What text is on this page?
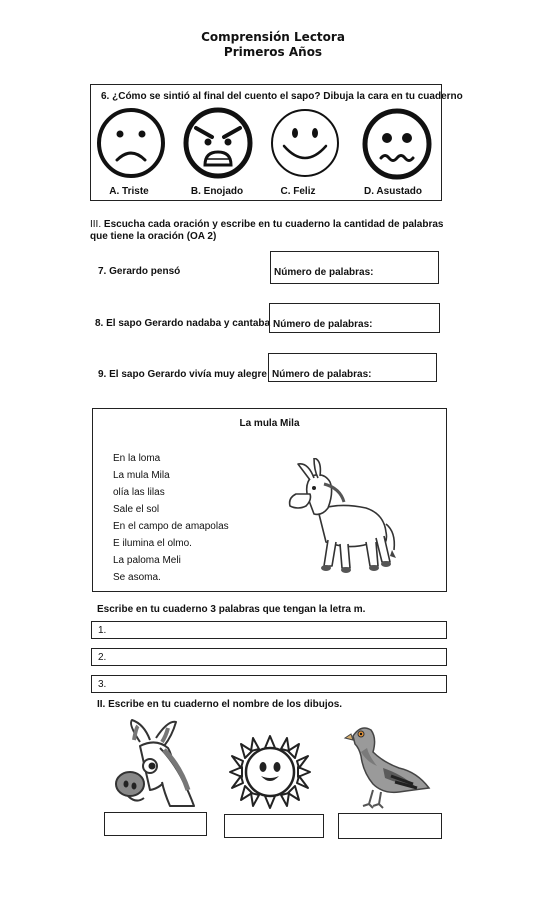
Comprensión Lectora
Primeros Años
6. ¿Cómo se sintió al final del cuento el sapo? Dibuja la cara en tu cuaderno
A. Triste	B. Enojado	C. Feliz	D. Asustado
III. Escucha cada oración y escribe en tu cuaderno la cantidad de palabras que tiene la oración (OA 2)
7. Gerardo pensó	Número de palabras:
8. El sapo Gerardo nadaba y cantaba Número de palabras:
9. El sapo Gerardo vivía muy alegre Número de palabras:
La mula Mila
En la loma
La mula Mila
olía las lilas
Sale el sol
En el campo de amapolas
E ilumina el olmo.
La paloma Meli
Se asoma.
Escribe en tu cuaderno 3 palabras que tengan la letra m.
1.
2.
3.
II. Escribe en tu cuaderno el nombre de los dibujos.
